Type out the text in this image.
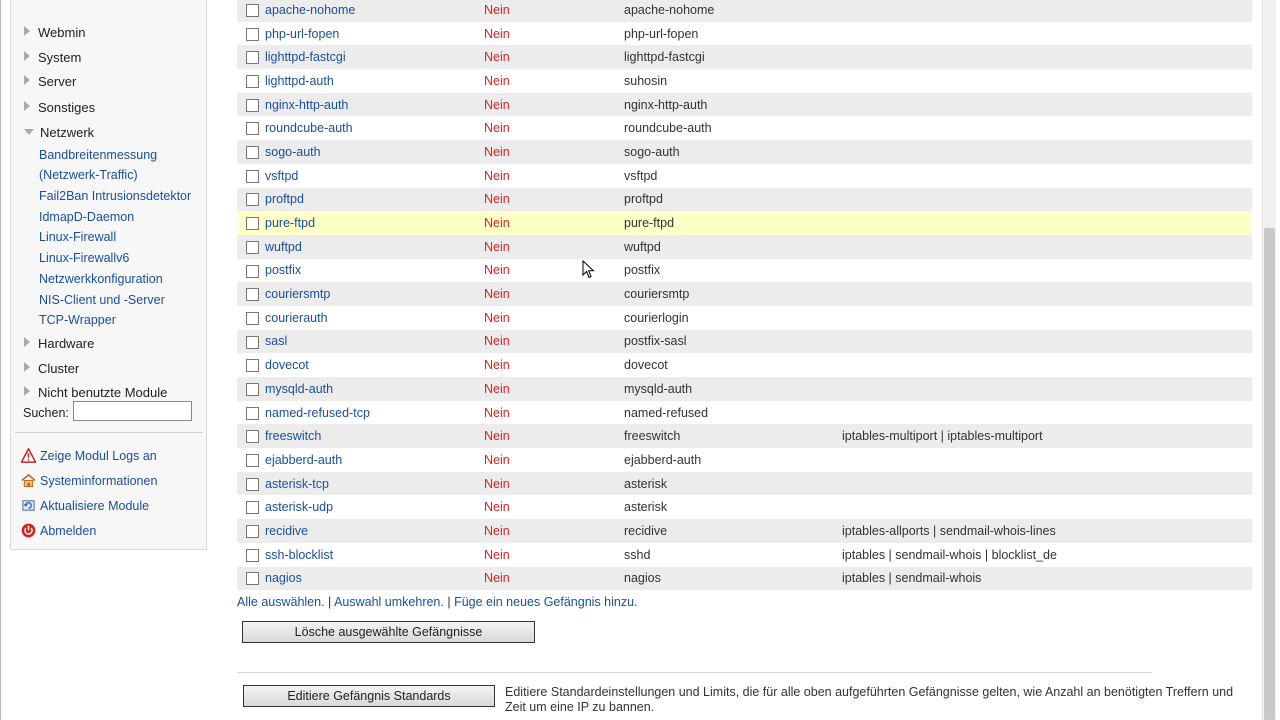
Webmin
System
Server
Sonstiges
Netzwerk
Bandbreitenmessung
(Netzwerk-Traffic)
Fail2Ban Intrusionsdetektor
IdmapD-Daemon
Linux-Firewall
Linux-Firewallv6
Netzwerkkonfiguration
NIS-Client und -Server
TCP-Wrapper
Hardware
Cluster
Nicht benutzte Module
Suchen:
Zeige Modul Logs an
Systeminformationen
Aktualisiere Module
Abmelden
	apache-nohome	Nein	apache-nohome	
	php-url-fopen	Nein	php-url-fopen	
	lighttpd-fastcgi	Nein	lighttpd-fastcgi	
	lighttpd-auth	Nein	suhosin	
	nginx-http-auth	Nein	nginx-http-auth	
	roundcube-auth	Nein	roundcube-auth	
	sogo-auth	Nein	sogo-auth	
	vsftpd	Nein	vsftpd	
	proftpd	Nein	proftpd	
	pure-ftpd	Nein	pure-ftpd	
	wuftpd	Nein	wuftpd	
	postfix	Nein	postfix	
	couriersmtp	Nein	couriersmtp	
	courierauth	Nein	courierlogin	
	sasl	Nein	postfix-sasl	
	dovecot	Nein	dovecot	
	mysqld-auth	Nein	mysqld-auth	
	named-refused-tcp	Nein	named-refused	
	freeswitch	Nein	freeswitch	iptables-multiport | iptables-multiport
	ejabberd-auth	Nein	ejabberd-auth	
	asterisk-tcp	Nein	asterisk	
	asterisk-udp	Nein	asterisk	
	recidive	Nein	recidive	iptables-allports | sendmail-whois-lines
	ssh-blocklist	Nein	sshd	iptables | sendmail-whois | blocklist_de
	nagios	Nein	nagios	iptables | sendmail-whois
Alle auswählen. | Auswahl umkehren. | Füge ein neues Gefängnis hinzu.
Lösche ausgewählte Gefängnisse
Editiere Gefängnis Standards	Editiere Standardeinstellungen und Limits, die für alle oben aufgeführten Gefängnisse gelten, wie Anzahl an benötigten Treffern und Zeit um eine IP zu bannen.
